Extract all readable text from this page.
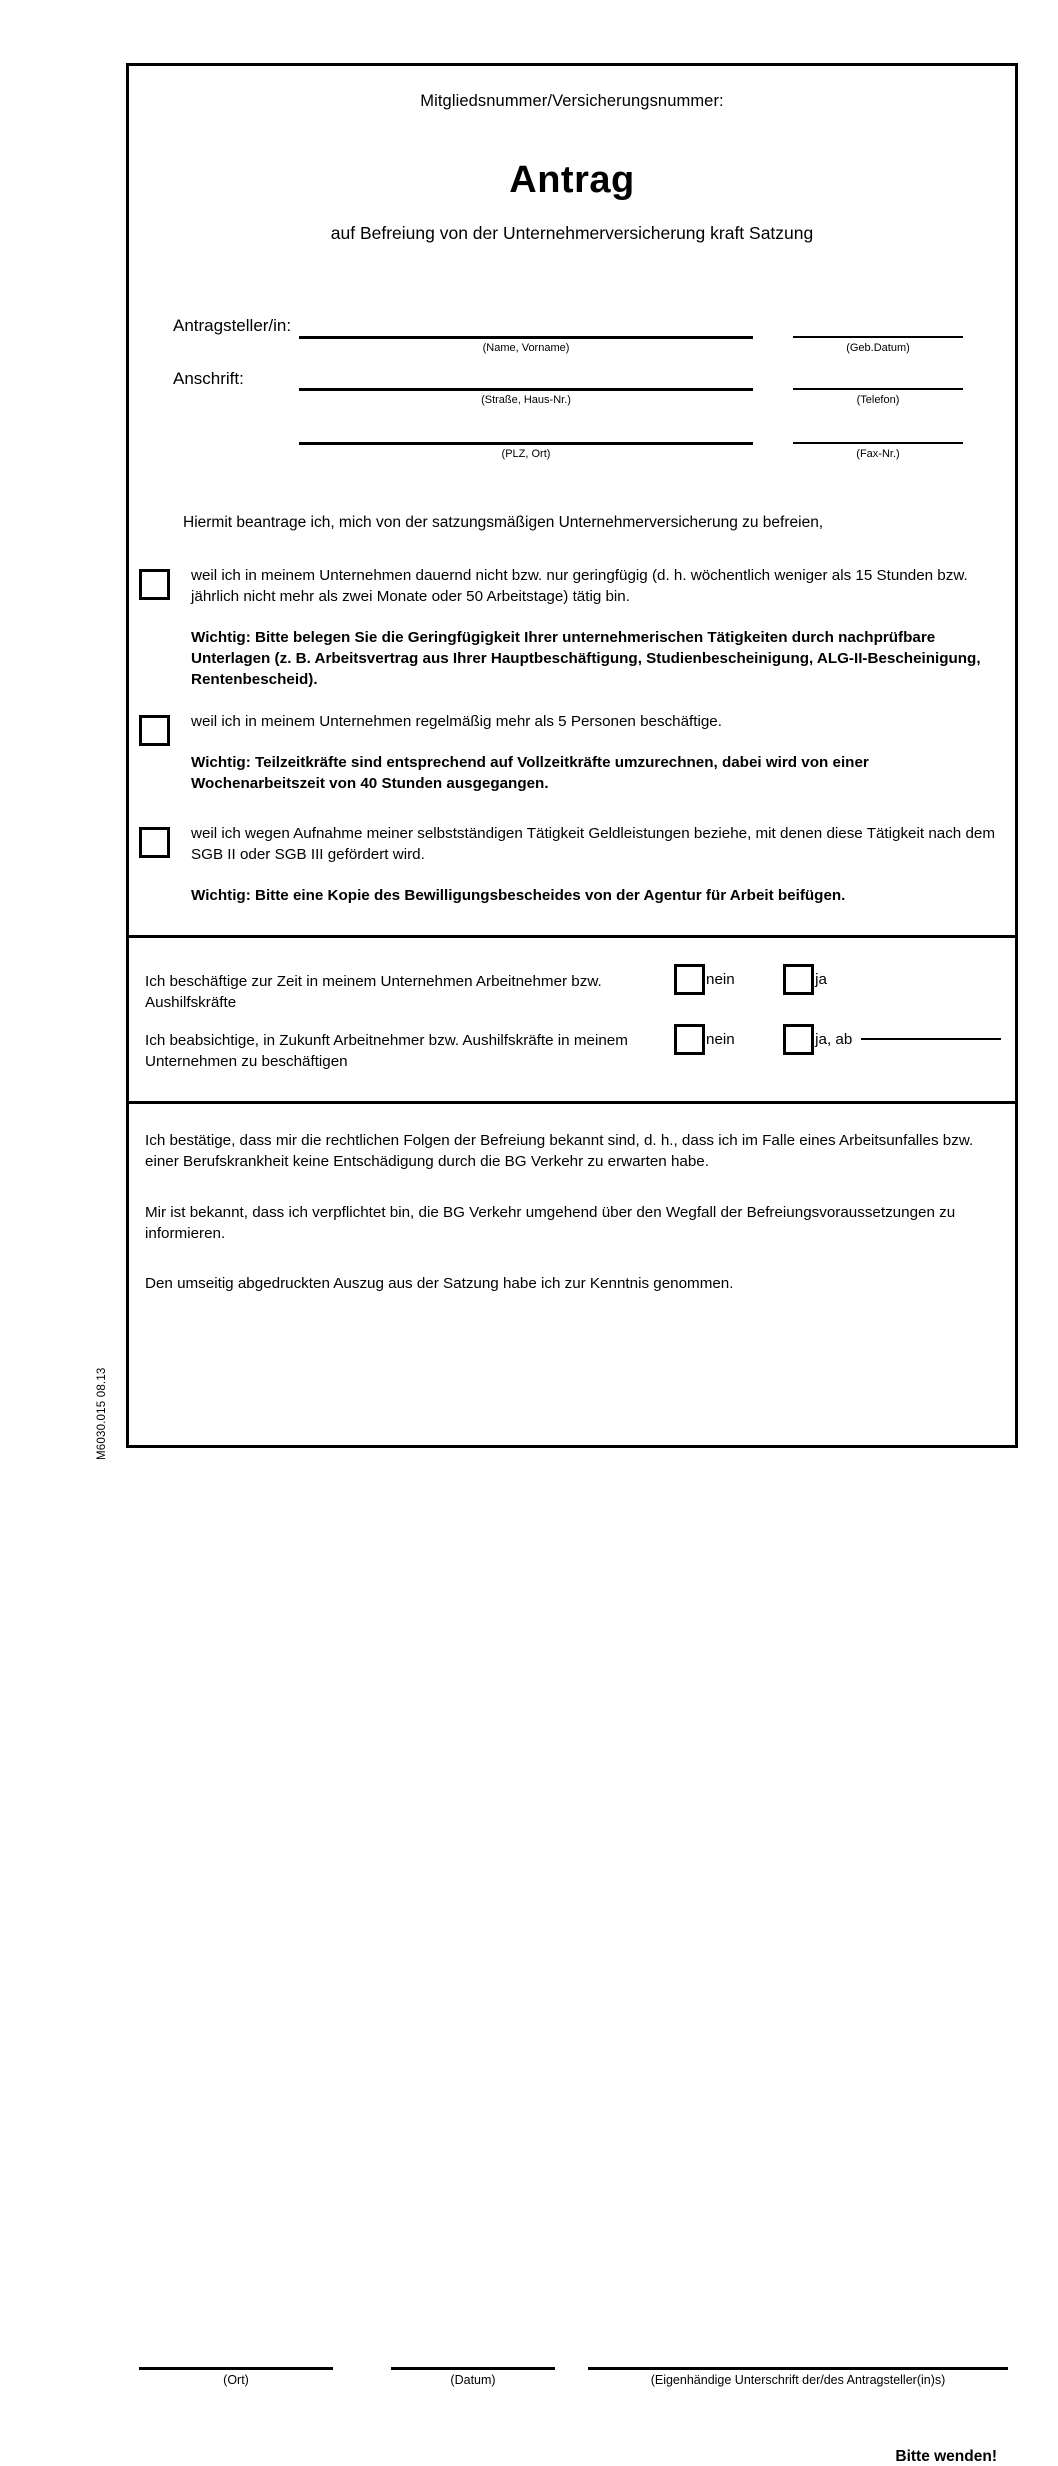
M6030.015 08.13
Mitgliedsnummer/Versicherungsnummer:
Antrag
auf Befreiung von der Unternehmerversicherung kraft Satzung
Antragsteller/in:
Anschrift:
(Name, Vorname)	(Geb.Datum)
(Straße, Haus-Nr.)	(Telefon)
(PLZ, Ort)	(Fax-Nr.)
Hiermit beantrage ich, mich von der satzungsmäßigen Unternehmerversicherung zu befreien,
weil ich in meinem Unternehmen dauernd nicht bzw. nur geringfügig (d. h. wöchentlich weniger als 15 Stunden bzw. jährlich nicht mehr als zwei Monate oder 50 Arbeitstage) tätig bin.
Wichtig: Bitte belegen Sie die Geringfügigkeit Ihrer unternehmerischen Tätigkeiten durch nachprüfbare Unterlagen (z. B. Arbeitsvertrag aus Ihrer Hauptbeschäftigung, Studienbescheinigung, ALG-II-Bescheinigung, Rentenbescheid).
weil ich in meinem Unternehmen regelmäßig mehr als 5 Personen beschäftige.
Wichtig: Teilzeitkräfte sind entsprechend auf Vollzeitkräfte umzurechnen, dabei wird von einer Wochenarbeitszeit von 40 Stunden ausgegangen.
weil ich wegen Aufnahme meiner selbstständigen Tätigkeit Geldleistungen beziehe, mit denen diese Tätigkeit nach dem SGB II oder SGB III gefördert wird.
Wichtig: Bitte eine Kopie des Bewilligungsbescheides von der Agentur für Arbeit beifügen.
Ich beschäftige zur Zeit in meinem Unternehmen Arbeitnehmer bzw. Aushilfskräfte
nein	ja
Ich beabsichtige, in Zukunft Arbeitnehmer bzw. Aushilfskräfte in meinem Unternehmen zu beschäftigen
nein	ja, ab
Ich bestätige, dass mir die rechtlichen Folgen der Befreiung bekannt sind, d. h., dass ich im Falle eines Arbeitsunfalles bzw. einer Berufskrankheit keine Entschädigung durch die BG Verkehr zu erwarten habe.
Mir ist bekannt, dass ich verpflichtet bin, die BG Verkehr umgehend über den Wegfall der Befreiungsvoraussetzungen zu informieren.
Den umseitig abgedruckten Auszug aus der Satzung habe ich zur Kenntnis genommen.
(Ort)	(Datum)	(Eigenhändige Unterschrift der/des Antragsteller(in)s)
Bitte wenden!
